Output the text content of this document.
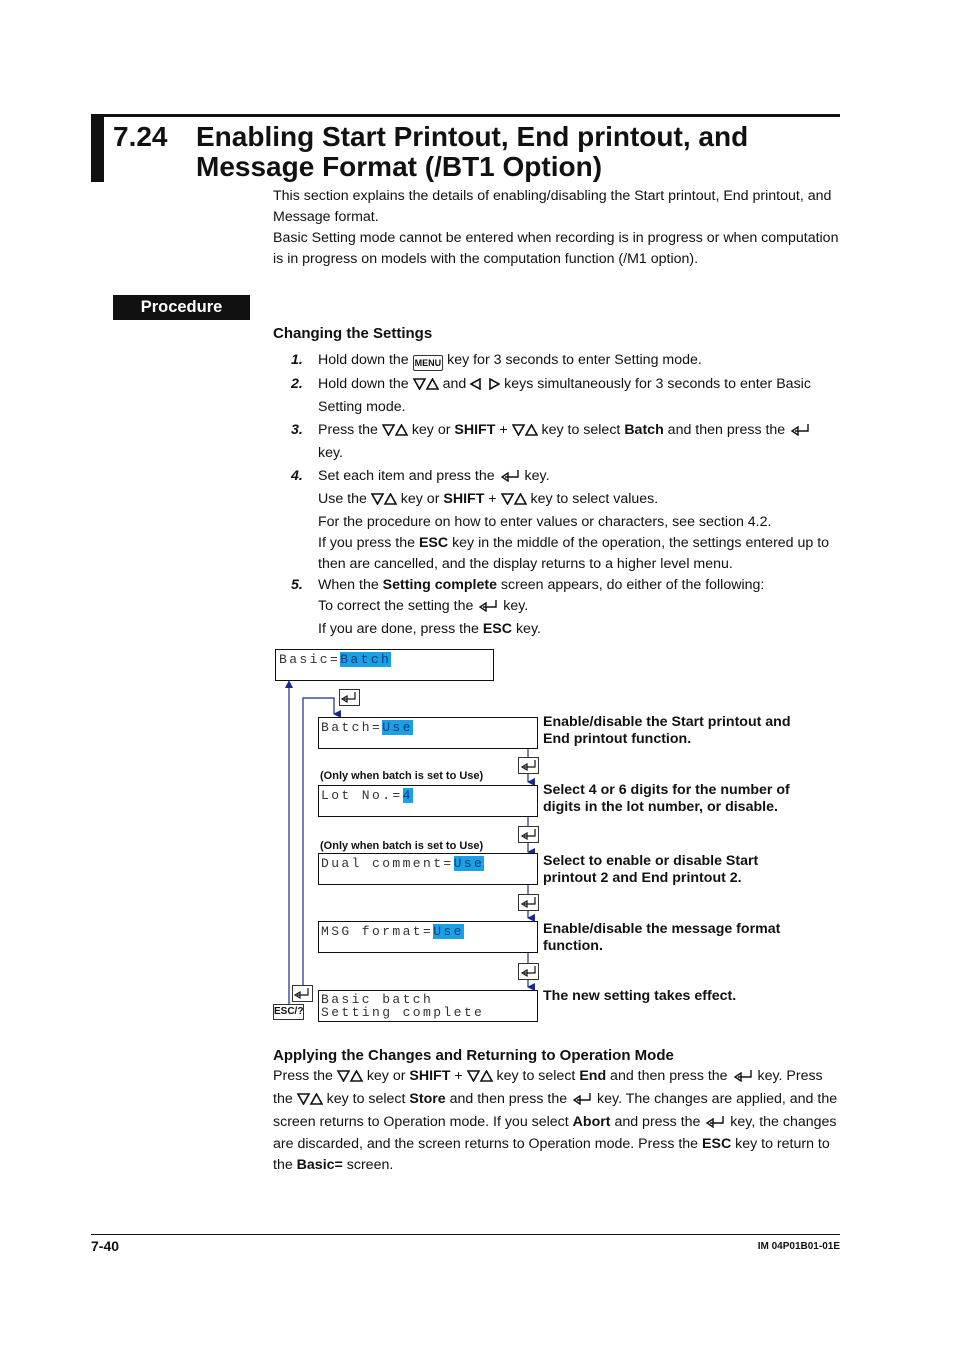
7.24 Enabling Start Printout, End printout, and
Message Format (/BT1 Option)
This section explains the details of enabling/disabling the Start printout, End printout, and Message format.
Basic Setting mode cannot be entered when recording is in progress or when computation is in progress on models with the computation function (/M1 option).
Procedure
Changing the Settings
1. Hold down the MENU key for 3 seconds to enter Setting mode.
2. Hold down the  and  keys simultaneously for 3 seconds to enter Basic Setting mode.
3. Press the  key or SHIFT +  key to select Batch and then press the
key.
4. Set each item and press the  key.
Use the  key or SHIFT +  key to select values.
For the procedure on how to enter values or characters, see section 4.2.
If you press the ESC key in the middle of the operation, the settings entered up to then are cancelled, and the display returns to a higher level menu.
5. When the Setting complete screen appears, do either of the following:
To correct the setting the  key.
If you are done, press the ESC key.
ESC/?
Basic=Batch
Batch=Use
(Only when batch is set to Use)
Lot No.=4
(Only when batch is set to Use)
Dual comment=Use
MSG format=Use
Basic batch
Setting complete
Enable/disable the Start printout and End printout function.
Select 4 or 6 digits for the number of digits in the lot number, or disable.
Select to enable or disable Start printout 2 and End printout 2.
Enable/disable the message format function.
The new setting takes effect.
Applying the Changes and Returning to Operation Mode
Press the  key or SHIFT +  key to select End and then press the  key. Press the  key to select Store and then press the  key. The changes are applied, and the screen returns to Operation mode. If you select Abort and press the  key, the changes are discarded, and the screen returns to Operation mode. Press the ESC key to return to the Basic= screen.
7-40	IM 04P01B01-01E
